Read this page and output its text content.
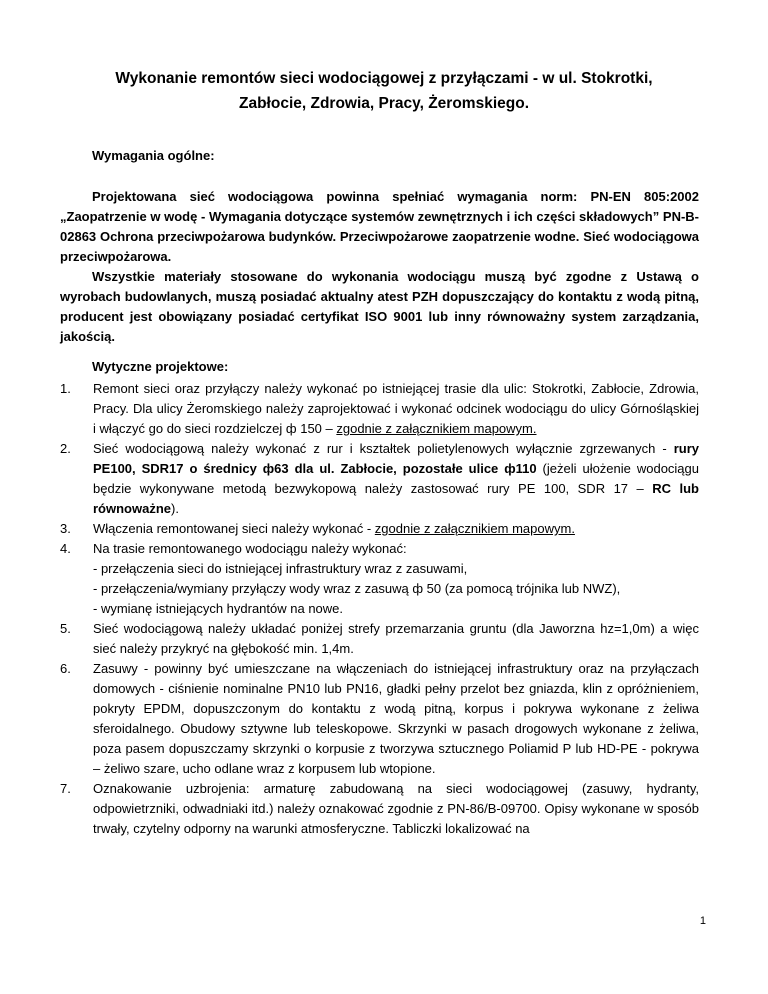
Wykonanie remontów sieci wodociągowej z przyłączami - w ul. Stokrotki,
Zabłocie, Zdrowia, Pracy, Żeromskiego.
Wymagania ogólne:

Projektowana sieć wodociągowa powinna spełniać wymagania norm: PN-EN 805:2002 „Zaopatrzenie w wodę - Wymagania dotyczące systemów zewnętrznych i ich części składowych” PN-B-02863 Ochrona przeciwpożarowa budynków. Przeciwpożarowe zaopatrzenie wodne. Sieć wodociągowa przeciwpożarowa.

Wszystkie materiały stosowane do wykonania wodociągu muszą być zgodne z Ustawą o wyrobach budowlanych, muszą posiadać aktualny atest PZH dopuszczający do kontaktu z wodą pitną, producent jest obowiązany posiadać certyfikat ISO 9001 lub inny równoważny system zarządzania, jakością.

Wytyczne projektowe:
1.	Remont sieci oraz przyłączy należy wykonać po istniejącej trasie dla ulic: Stokrotki, Zabłocie, Zdrowia, Pracy. Dla ulicy Żeromskiego należy zaprojektować i wykonać odcinek wodociągu do ulicy Górnośląskiej i włączyć go do sieci rozdzielczej ф 150 – zgodnie z załącznikiem mapowym.
2.	Sieć wodociągową należy wykonać z rur i kształtek polietylenowych wyłącznie zgrzewanych - rury PE100, SDR17 o średnicy ф63 dla ul. Zabłocie, pozostałe ulice ф110 (jeżeli ułożenie wodociągu będzie wykonywane metodą bezwykopową należy zastosować rury PE 100, SDR 17 – RC lub równoważne).
3.	Włączenia remontowanej sieci należy wykonać - zgodnie z załącznikiem mapowym.
4.	Na trasie remontowanego wodociągu należy wykonać:
- przełączenia sieci do istniejącej infrastruktury wraz z zasuwami,
- przełączenia/wymiany przyłączy wody wraz z zasuwą ф 50 (za pomocą trójnika lub NWZ),
- wymianę istniejących hydrantów na nowe.
5.	Sieć wodociągową należy układać poniżej strefy przemarzania gruntu (dla Jaworzna hz=1,0m) a więc sieć należy przykryć na głębokość min. 1,4m.
6.	Zasuwy - powinny być umieszczane na włączeniach do istniejącej infrastruktury oraz na przyłączach domowych - ciśnienie nominalne PN10 lub PN16, gładki pełny przelot bez gniazda, klin z opróżnieniem, pokryty EPDM, dopuszczonym do kontaktu z wodą pitną, korpus i pokrywa wykonane z żeliwa sferoidalnego. Obudowy sztywne lub teleskopowe. Skrzynki w pasach drogowych wykonane z żeliwa, poza pasem dopuszczamy skrzynki o korpusie z tworzywa sztucznego Poliamid P lub HD-PE - pokrywa – żeliwo szare, ucho odlane wraz z korpusem lub wtopione.
7.	Oznakowanie uzbrojenia: armaturę zabudowaną na sieci wodociągowej (zasuwy, hydranty, odpowietrzniki, odwadniaki itd.) należy oznakować zgodnie z PN-86/B-09700. Opisy wykonane w sposób trwały, czytelny odporny na warunki atmosferyczne. Tabliczki lokalizować na
1
